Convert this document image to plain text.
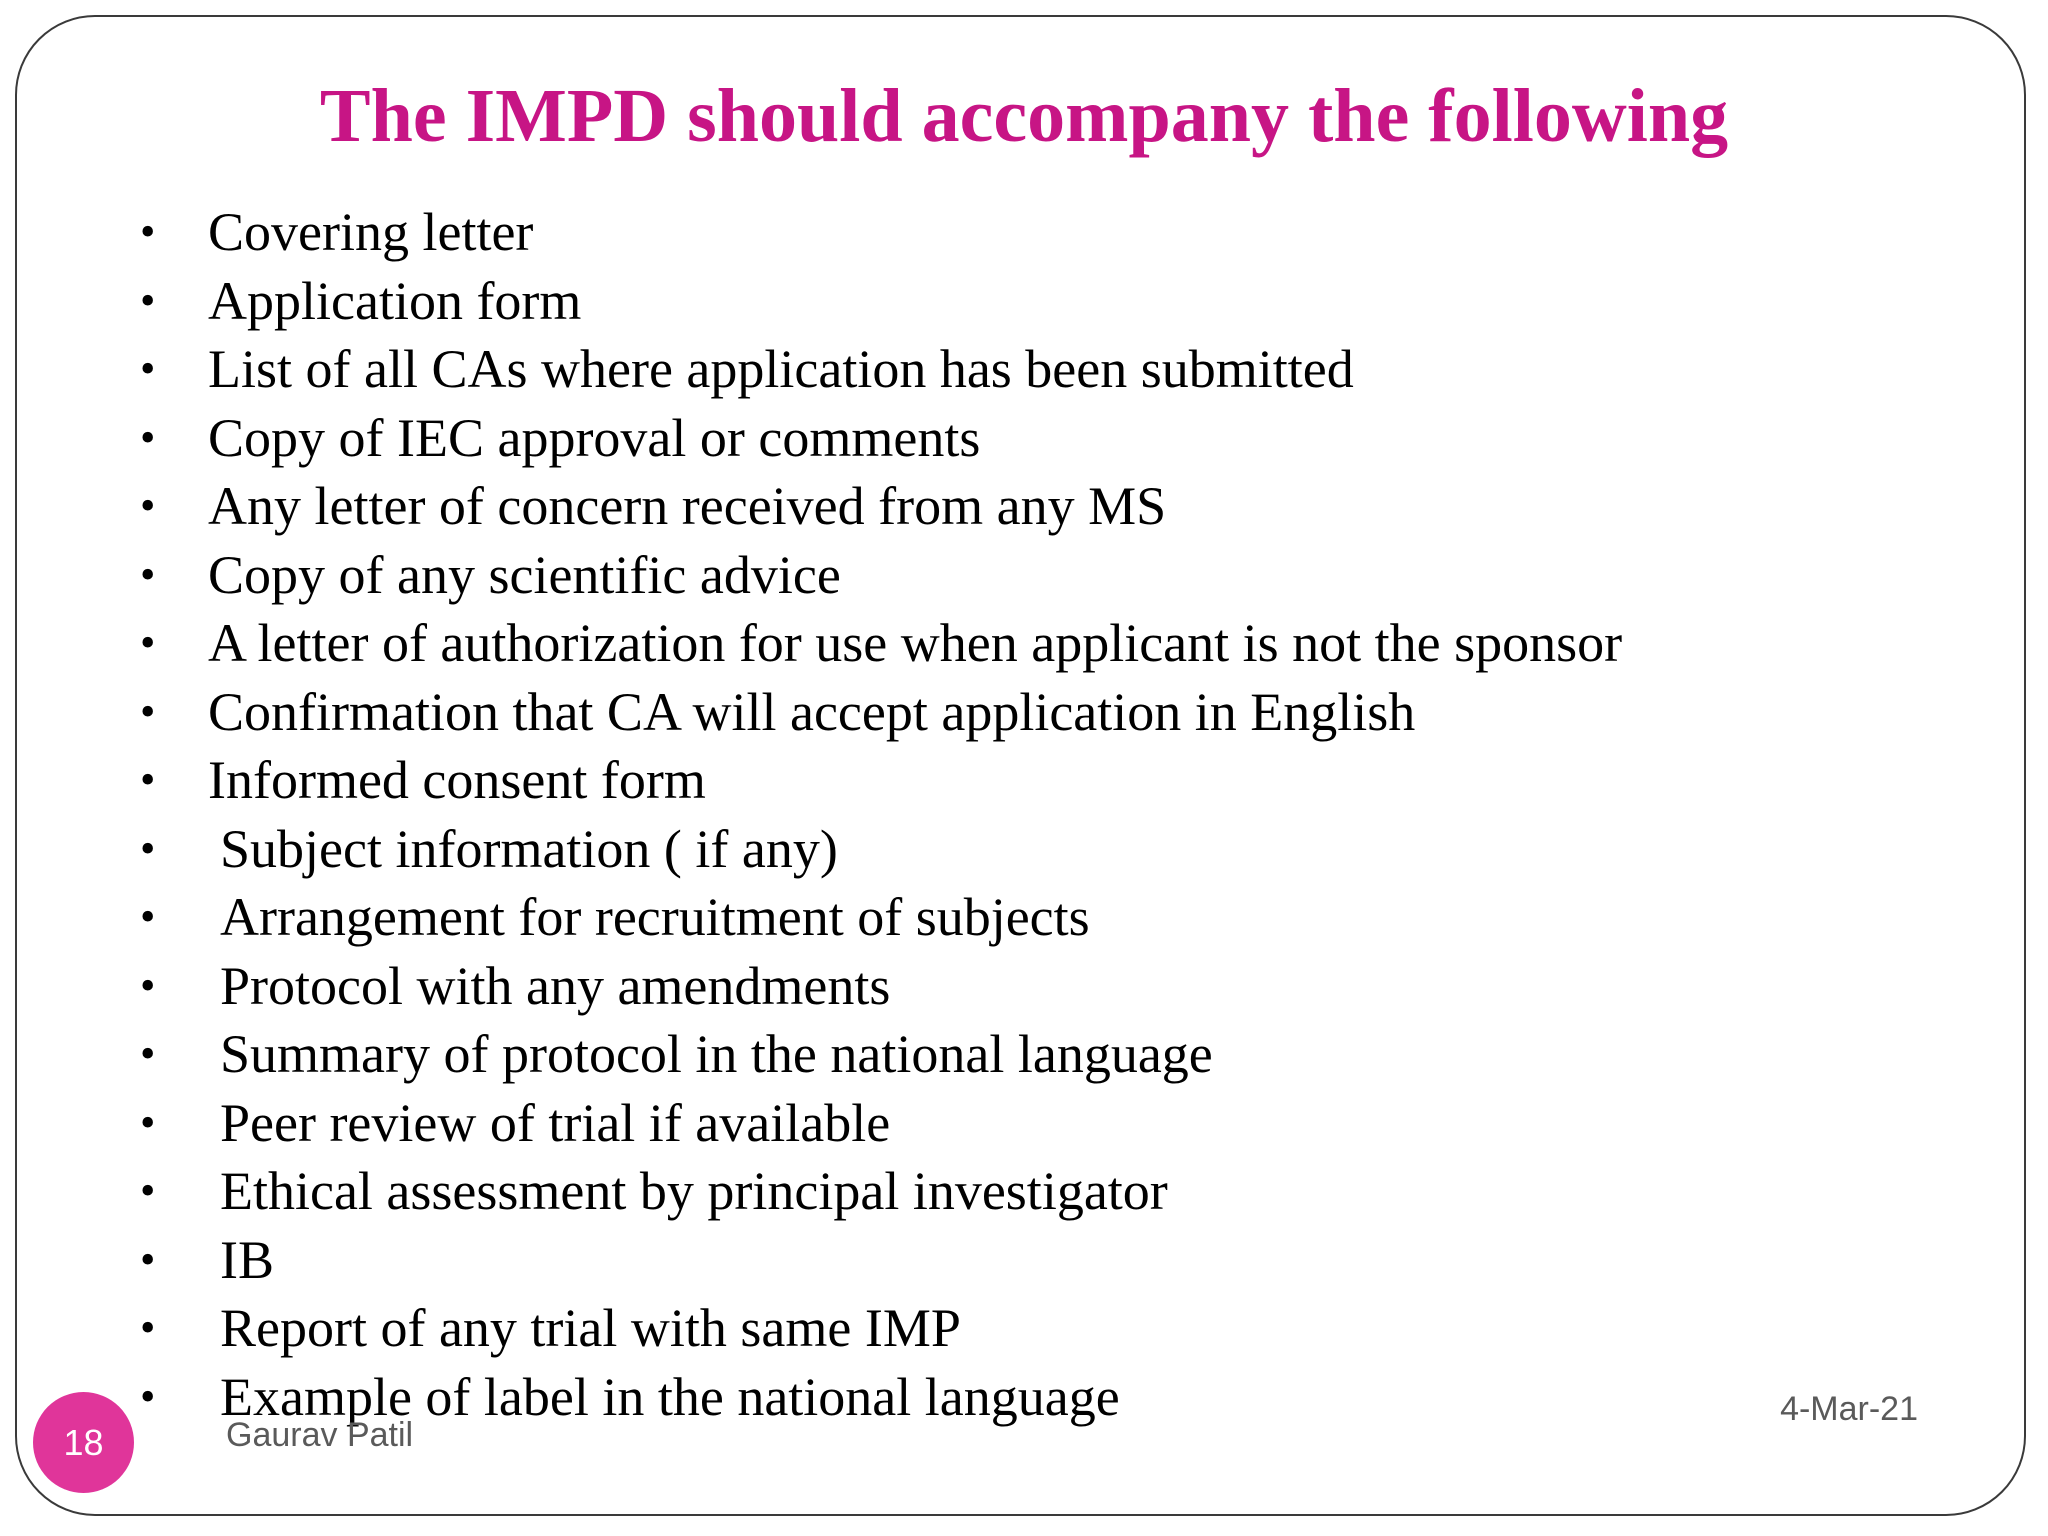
The IMPD should accompany the following
• Covering letter
• Application form
• List of all CAs where application has been submitted
• Copy of IEC approval or comments
• Any letter of concern received from any MS
• Copy of any scientific advice
• A letter of authorization for use when applicant is not the sponsor
• Confirmation that CA will accept application in English
• Informed consent form
• Subject information ( if any)
• Arrangement for recruitment of subjects
• Protocol with any amendments
• Summary of protocol in the national language
• Peer review of trial if available
• Ethical assessment by principal investigator
• IB
• Report of any trial with same IMP
• Example of label in the national language
18	Gaurav Patil
4-Mar-21
